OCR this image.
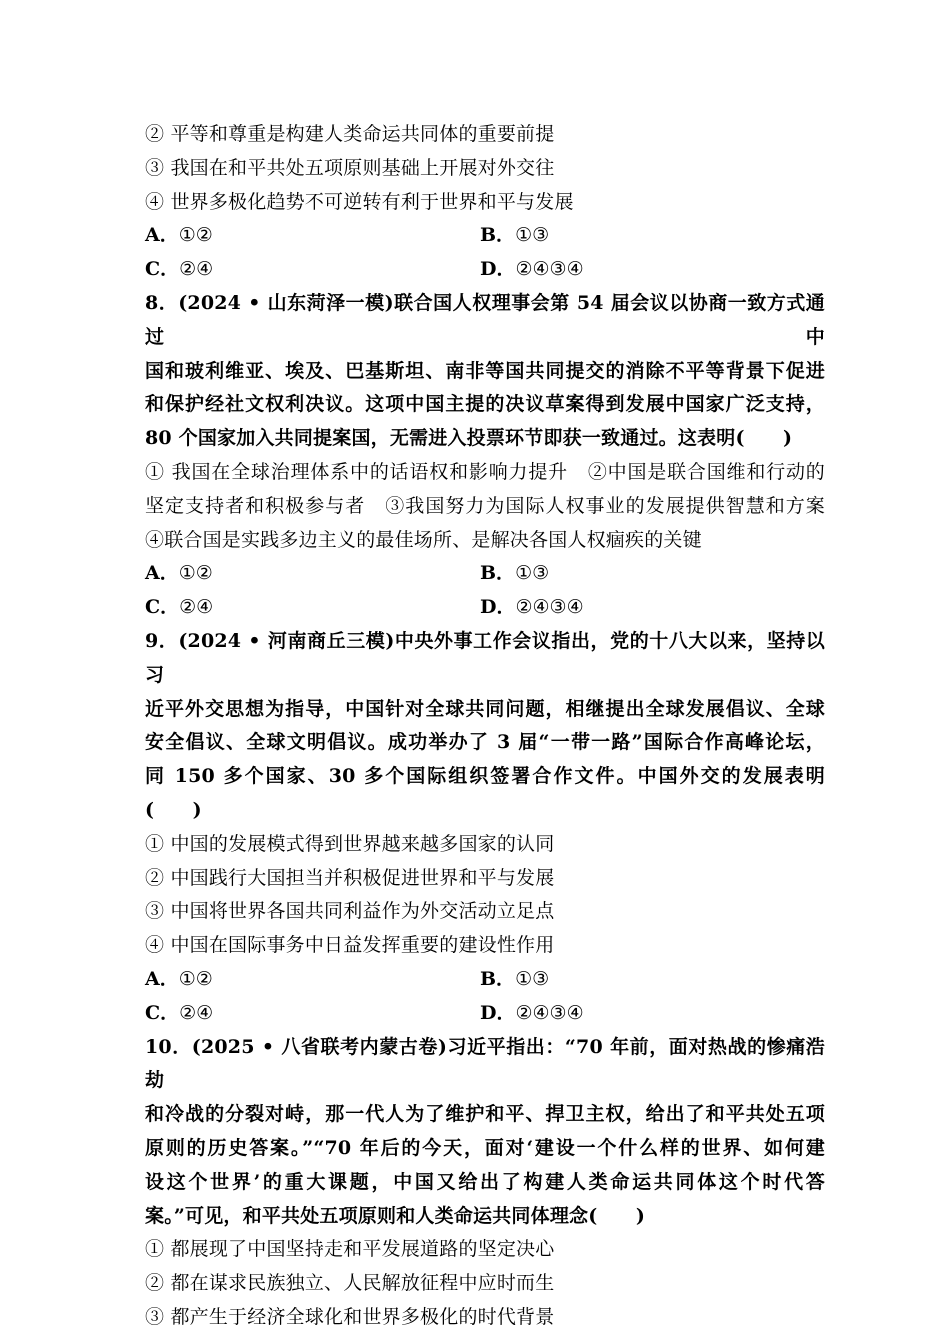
② 平等和尊重是构建人类命运共同体的重要前提
③ 我国在和平共处五项原则基础上开展对外交往
④ 世界多极化趋势不可逆转有利于世界和平与发展
A．①②	B．①③
C．②④	D．②④③④
8．(2024 • 山东菏泽一模)联合国人权理事会第 54 届会议以协商一致方式通过中
国和玻利维亚、埃及、巴基斯坦、南非等国共同提交的消除不平等背景下促进
和保护经社文权利决议。这项中国主提的决议草案得到发展中国家广泛支持，
80 个国家加入共同提案国，无需进入投票环节即获一致通过。这表明(　　)
① 我国在全球治理体系中的话语权和影响力提升　②中国是联合国维和行动的
坚定支持者和积极参与者　③我国努力为国际人权事业的发展提供智慧和方案
④联合国是实践多边主义的最佳场所、是解决各国人权痼疾的关键
A．①②	B．①③
C．②④	D．②④③④
9．(2024 • 河南商丘三模)中央外事工作会议指出，党的十八大以来，坚持以习
近平外交思想为指导，中国针对全球共同问题，相继提出全球发展倡议、全球
安全倡议、全球文明倡议。成功举办了 3 届“一带一路”国际合作高峰论坛，
同 150 多个国家、30 多个国际组织签署合作文件。中国外交的发展表明(　　)
① 中国的发展模式得到世界越来越多国家的认同
② 中国践行大国担当并积极促进世界和平与发展
③ 中国将世界各国共同利益作为外交活动立足点
④ 中国在国际事务中日益发挥重要的建设性作用
A．①②	B．①③
C．②④	D．②④③④
10．(2025 • 八省联考内蒙古卷)习近平指出：“70 年前，面对热战的惨痛浩劫
和冷战的分裂对峙，那一代人为了维护和平、捍卫主权，给出了和平共处五项
原则的历史答案。”“70 年后的今天，面对‘建设一个什么样的世界、如何建
设这个世界’的重大课题，中国又给出了构建人类命运共同体这个时代答
案。”可见，和平共处五项原则和人类命运共同体理念(　　)
① 都展现了中国坚持走和平发展道路的坚定决心
② 都在谋求民族独立、人民解放征程中应时而生
③ 都产生于经济全球化和世界多极化的时代背景
